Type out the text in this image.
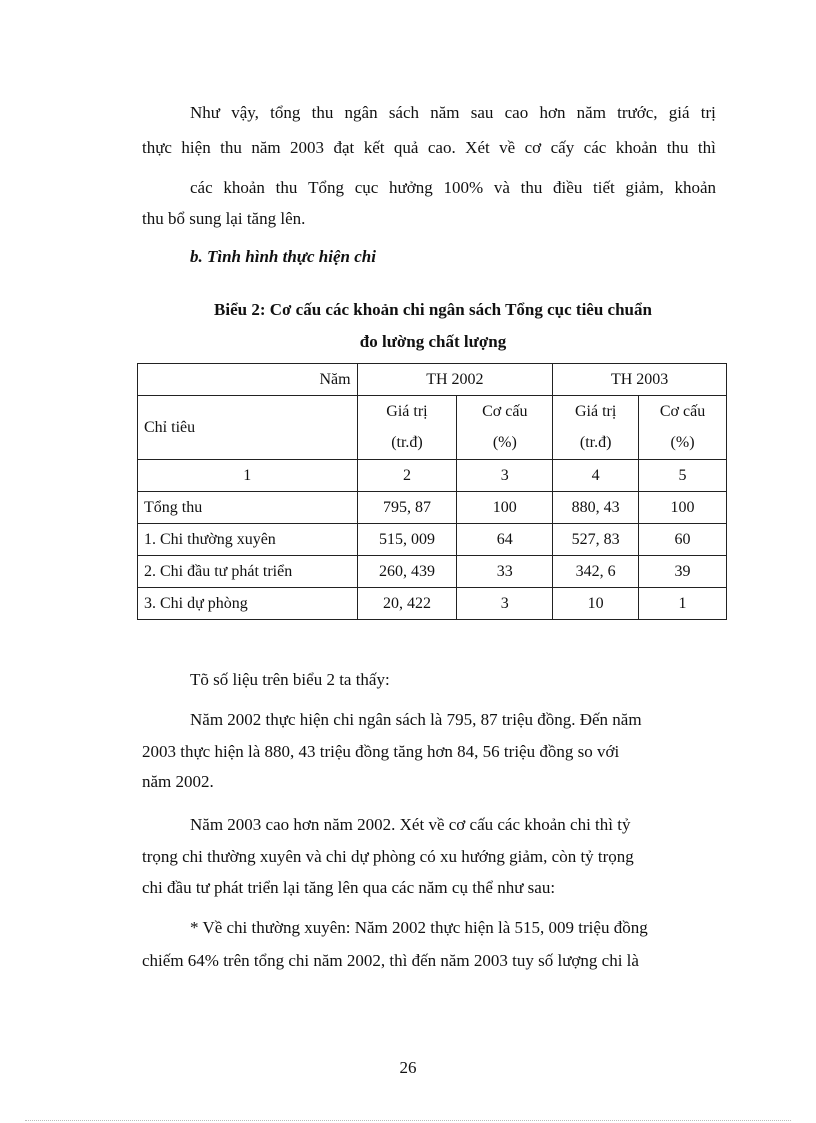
Như vậy, tổng thu ngân sách năm sau cao hơn năm trước, giá trị
thực hiện thu năm 2003 đạt kết quả cao. Xét về cơ cấy các khoản thu thì
các khoản thu Tổng cục hưởng 100% và thu điều tiết giảm, khoản
thu bổ sung lại tăng lên.
b. Tình hình thực hiện chi
Biểu 2: Cơ cấu các khoản chi ngân sách Tổng cục tiêu chuẩn
đo lường chất lượng
Năm	TH 2002		TH 2003	
Chỉ tiêu	Giá trị	Cơ cấu	Giá trị	Cơ cấu
	(tr.đ)	(%)	(tr.đ)	(%)
1	2	3	4	5
Tổng thu	795, 87	100	880, 43	100
1. Chi thường xuyên	515, 009	64	527, 83	60
2. Chi đầu tư phát triển	260, 439	33	342, 6	39
3. Chi dự phòng	20, 422	3	10	1
Tõ số liệu trên biểu 2 ta thấy:
Năm 2002 thực hiện chi ngân sách là 795, 87 triệu đồng. Đến năm
2003 thực hiện là 880, 43 triệu đồng tăng hơn 84, 56 triệu đồng so với
năm 2002.
Năm 2003 cao hơn năm 2002. Xét về cơ cấu các khoản chi thì tỷ
trọng chi thường xuyên và chi dự phòng có xu hướng giảm, còn tỷ trọng
chi đầu tư phát triển lại tăng lên qua các năm cụ thể như sau:
* Về chi thường xuyên: Năm 2002 thực hiện là 515, 009 triệu đồng
chiếm 64% trên tổng chi năm 2002, thì đến năm 2003 tuy số lượng chi là
26
